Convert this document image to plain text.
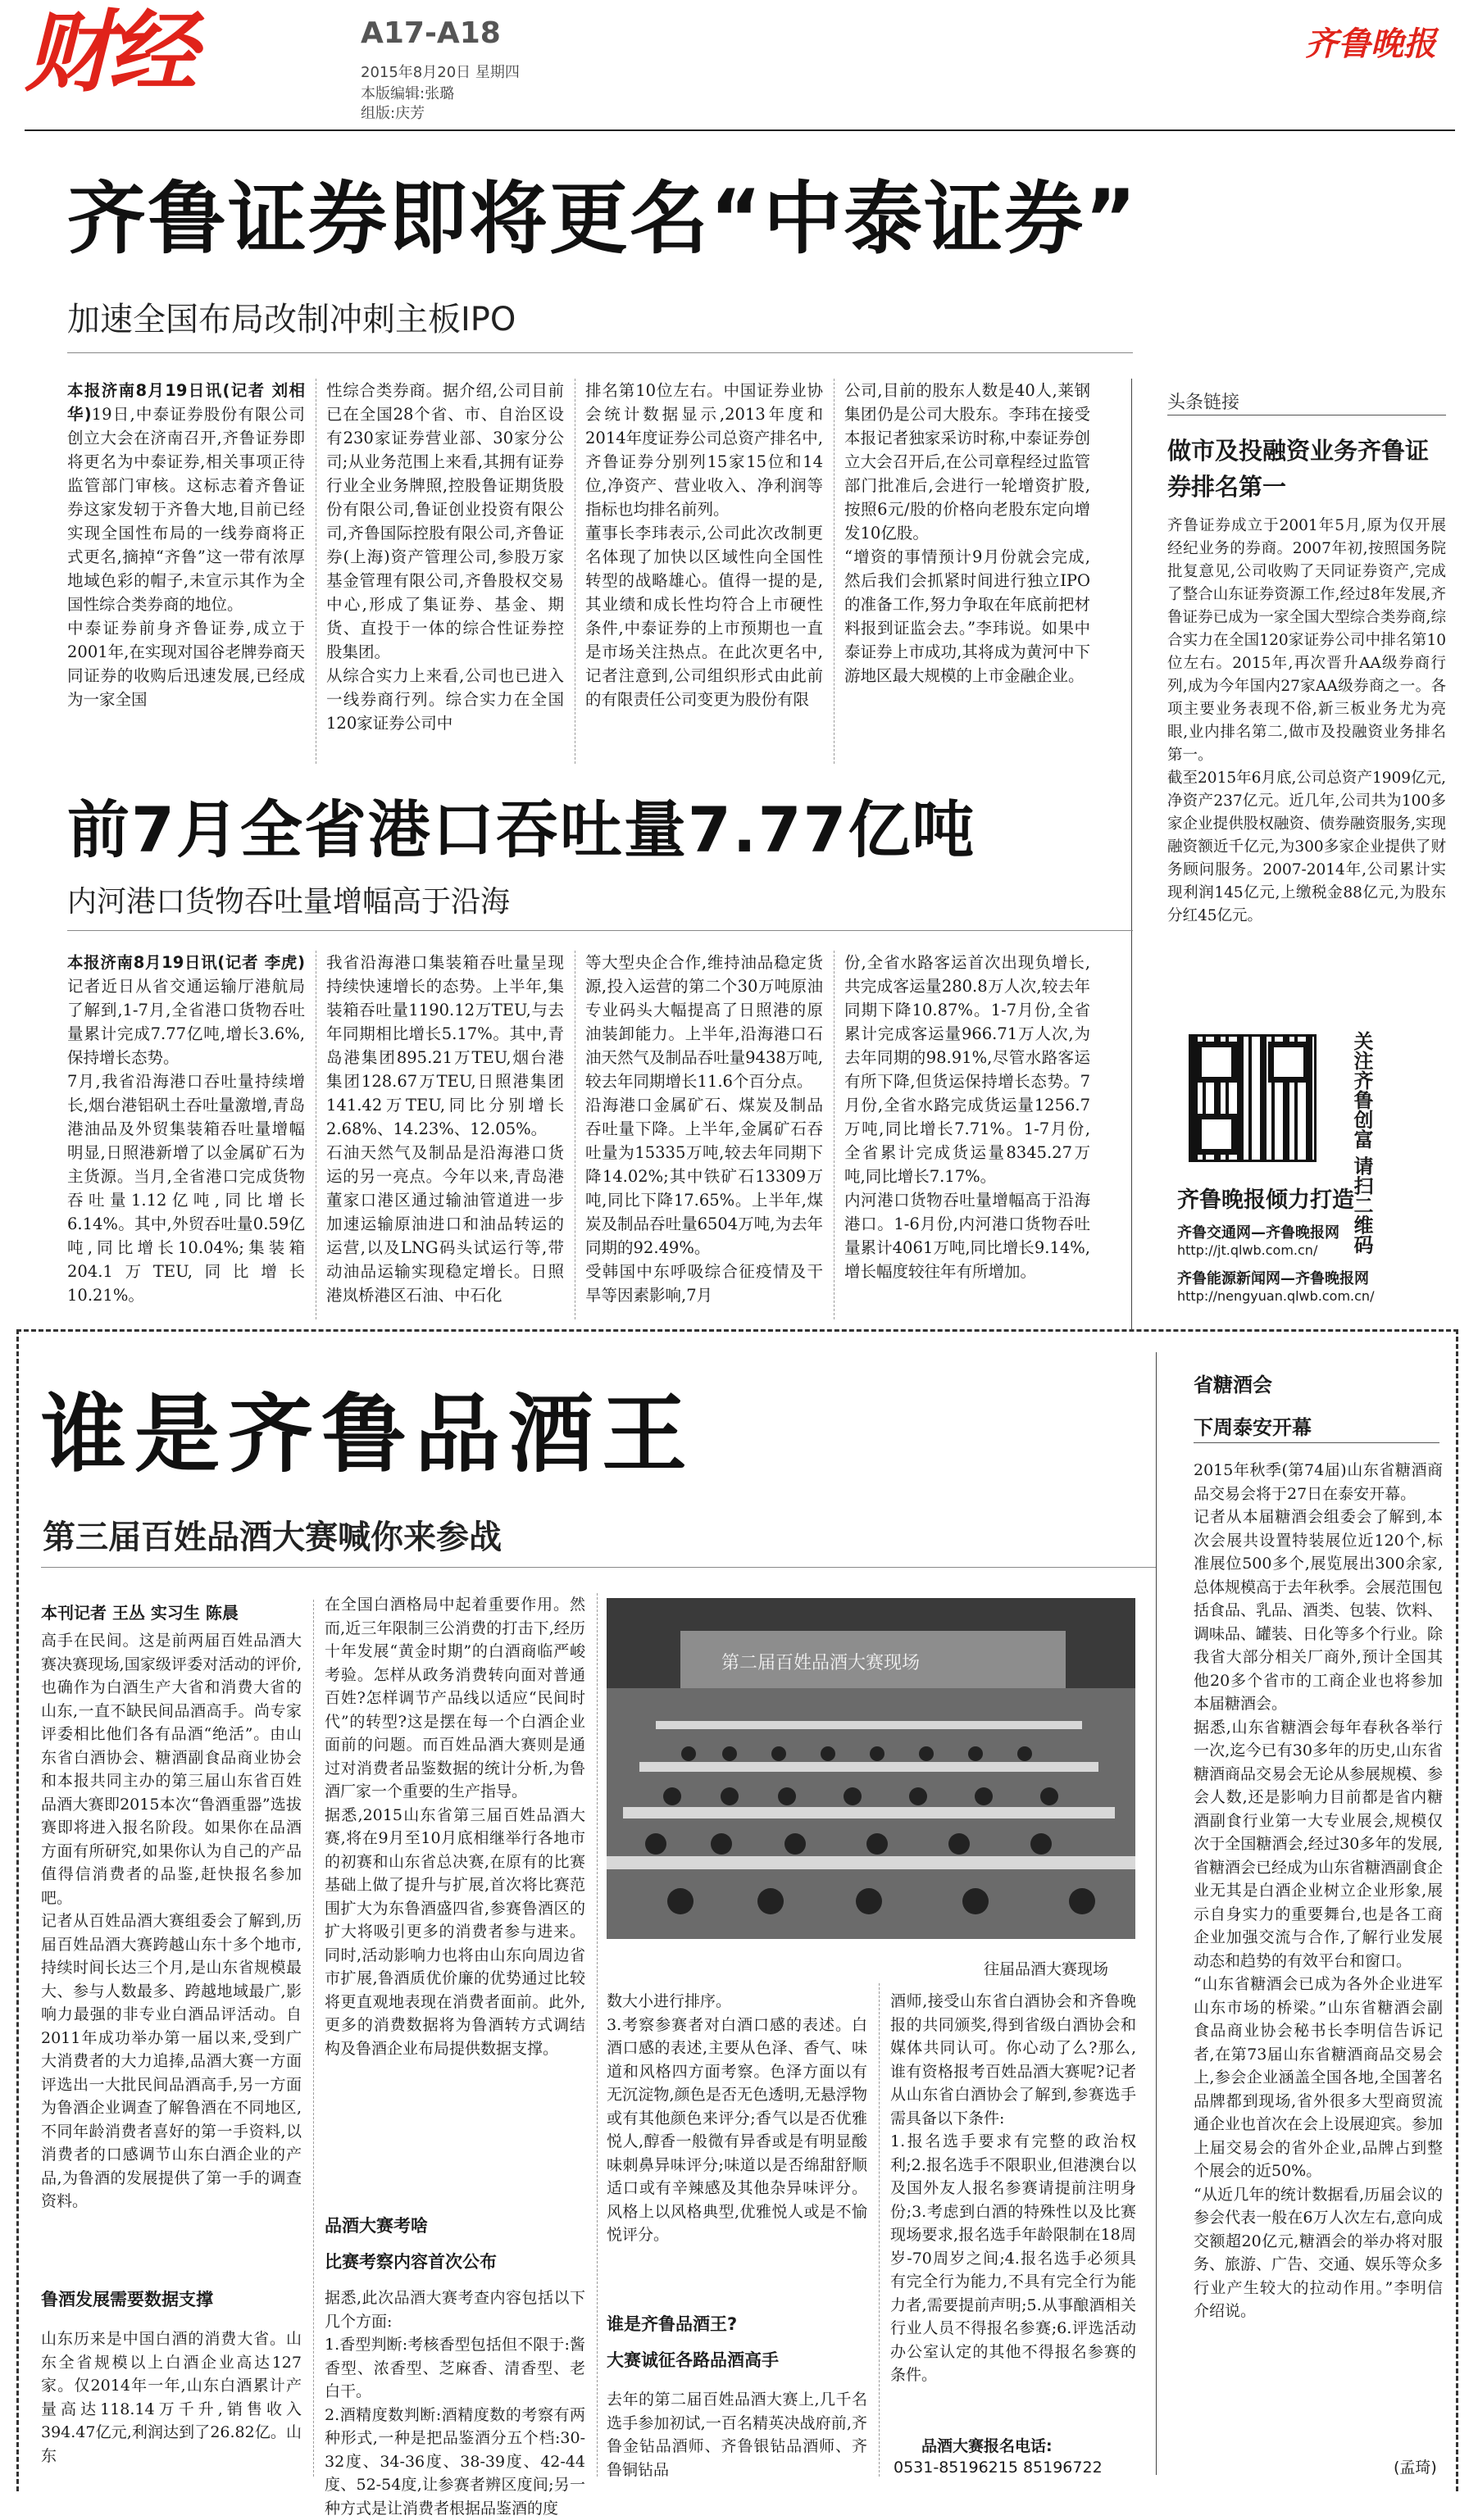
财经	A17-A18
2015年8月20日 星期四
本版编辑:张璐
组版:庆芳
齐鲁晚报
齐鲁证券即将更名“中泰证券”
加速全国布局改制冲刺主板IPO
本报济南8月19日讯(记者 刘相华)19日,中泰证券股份有限公司创立大会在济南召开,齐鲁证券即将更名为中泰证券,相关事项正待监管部门审核。这标志着齐鲁证券这家发轫于齐鲁大地,目前已经实现全国性布局的一线券商将正式更名,摘掉“齐鲁”这一带有浓厚地域色彩的帽子,未宣示其作为全国性综合类券商的地位。
中泰证券前身齐鲁证券,成立于2001年,在实现对国谷老牌券商天同证券的收购后迅速发展,已经成为一家全国
性综合类券商。据介绍,公司目前已在全国28个省、市、自治区设有230家证券营业部、30家分公司;从业务范围上来看,其拥有证券行业全业务牌照,控股鲁证期货股份有限公司,鲁证创业投资有限公司,齐鲁国际控股有限公司,齐鲁证券(上海)资产管理公司,参股万家基金管理有限公司,齐鲁股权交易中心,形成了集证券、基金、期货、直投于一体的综合性证券控股集团。
从综合实力上来看,公司也已进入一线券商行列。综合实力在全国120家证券公司中
排名第10位左右。中国证券业协会统计数据显示,2013年度和2014年度证券公司总资产排名中,齐鲁证券分别列15家15位和14位,净资产、营业收入、净利润等指标也均排名前列。
董事长李玮表示,公司此次改制更名体现了加快以区域性向全国性转型的战略雄心。值得一提的是,其业绩和成长性均符合上市硬性条件,中泰证券的上市预期也一直是市场关注热点。在此次更名中,记者注意到,公司组织形式由此前的有限责任公司变更为股份有限
公司,目前的股东人数是40人,莱钢集团仍是公司大股东。李玮在接受本报记者独家采访时称,中泰证券创立大会召开后,在公司章程经过监管部门批准后,会进行一轮增资扩股,按照6元/股的价格向老股东定向增发10亿股。
“增资的事情预计9月份就会完成,然后我们会抓紧时间进行独立IPO的准备工作,努力争取在年底前把材料报到证监会去。”李玮说。如果中泰证券上市成功,其将成为黄河中下游地区最大规模的上市金融企业。
头条链接
做市及投融资业务齐鲁证券排名第一
齐鲁证券成立于2001年5月,原为仅开展经纪业务的券商。2007年初,按照国务院批复意见,公司收购了天同证券资产,完成了整合山东证券资源工作,经过8年发展,齐鲁证券已成为一家全国大型综合类券商,综合实力在全国120家证券公司中排名第10位左右。2015年,再次晋升AA级券商行列,成为今年国内27家AA级券商之一。各项主要业务表现不俗,新三板业务尤为亮眼,业内排名第二,做市及投融资业务排名第一。
截至2015年6月底,公司总资产1909亿元,净资产237亿元。近几年,公司共为100多家企业提供股权融资、债券融资服务,实现融资额近千亿元,为300多家企业提供了财务顾问服务。2007-2014年,公司累计实现利润145亿元,上缴税金88亿元,为股东分红45亿元。
关注齐鲁创富 请扫二维码
齐鲁晚报倾力打造
齐鲁交通网—齐鲁晚报网
http://jt.qlwb.com.cn/
齐鲁能源新闻网—齐鲁晚报网
http://nengyuan.qlwb.com.cn/
前7月全省港口吞吐量7.77亿吨
内河港口货物吞吐量增幅高于沿海
本报济南8月19日讯(记者 李虎)记者近日从省交通运输厅港航局了解到,1-7月,全省港口货物吞吐量累计完成7.77亿吨,增长3.6%,保持增长态势。
7月,我省沿海港口吞吐量持续增长,烟台港铝矾土吞吐量激增,青岛港油品及外贸集装箱吞吐量增幅明显,日照港新增了以金属矿石为主货源。当月,全省港口完成货物吞吐量1.12亿吨,同比增长6.14%。其中,外贸吞吐量0.59亿吨,同比增长10.04%;集装箱204.1万TEU,同比增长10.21%。
我省沿海港口集装箱吞吐量呈现持续快速增长的态势。上半年,集装箱吞吐量1190.12万TEU,与去年同期相比增长5.17%。其中,青岛港集团895.21万TEU,烟台港集团128.67万TEU,日照港集团141.42万TEU,同比分别增长2.68%、14.23%、12.05%。
石油天然气及制品是沿海港口货运的另一亮点。今年以来,青岛港董家口港区通过输油管道进一步加速运输原油进口和油品转运的运营,以及LNG码头试运行等,带动油品运输实现稳定增长。日照港岚桥港区石油、中石化
等大型央企合作,维持油品稳定货源,投入运营的第二个30万吨原油专业码头大幅提高了日照港的原油装卸能力。上半年,沿海港口石油天然气及制品吞吐量9438万吨,较去年同期增长11.6个百分点。
沿海港口金属矿石、煤炭及制品吞吐量下降。上半年,金属矿石吞吐量为15335万吨,较去年同期下降14.02%;其中铁矿石13309万吨,同比下降17.65%。上半年,煤炭及制品吞吐量6504万吨,为去年同期的92.49%。
受韩国中东呼吸综合征疫情及干旱等因素影响,7月
份,全省水路客运首次出现负增长,共完成客运量280.8万人次,较去年同期下降10.87%。1-7月份,全省累计完成客运量966.71万人次,为去年同期的98.91%,尽管水路客运有所下降,但货运保持增长态势。7月份,全省水路完成货运量1256.7万吨,同比增长7.71%。1-7月份,全省累计完成货运量8345.27万吨,同比增长7.17%。
内河港口货物吞吐量增幅高于沿海港口。1-6月份,内河港口货物吞吐量累计4061万吨,同比增长9.14%,增长幅度较往年有所增加。
谁是齐鲁品酒王
第三届百姓品酒大赛喊你来参战
本刊记者 王丛 实习生 陈晨
高手在民间。这是前两届百姓品酒大赛决赛现场,国家级评委对活动的评价,也确作为白酒生产大省和消费大省的山东,一直不缺民间品酒高手。尚专家评委相比他们各有品酒“绝活”。由山东省白酒协会、糖酒副食品商业协会和本报共同主办的第三届山东省百姓品酒大赛即2015本次“鲁酒重器”选拔赛即将进入报名阶段。如果你在品酒方面有所研究,如果你认为自己的产品值得信消费者的品鉴,赶快报名参加吧。
记者从百姓品酒大赛组委会了解到,历届百姓品酒大赛跨越山东十多个地市,持续时间长达三个月,是山东省规模最大、参与人数最多、跨越地域最广,影响力最强的非专业白酒品评活动。自2011年成功举办第一届以来,受到广大消费者的大力追捧,品酒大赛一方面评选出一大批民间品酒高手,另一方面为鲁酒企业调查了解鲁酒在不同地区,不同年龄消费者喜好的第一手资料,以消费者的口感调节山东白酒企业的产品,为鲁酒的发展提供了第一手的调查资料。
鲁酒发展需要数据支撑
山东历来是中国白酒的消费大省。山东全省规模以上白酒企业高达127家。仅2014年一年,山东白酒累计产量高达118.14万千升,销售收入394.47亿元,利润达到了26.82亿。山东
在全国白酒格局中起着重要作用。然而,近三年限制三公消费的打击下,经历十年发展“黄金时期”的白酒商临严峻考验。怎样从政务消费转向面对普通百姓?怎样调节产品线以适应“民间时代”的转型?这是摆在每一个白酒企业面前的问题。而百姓品酒大赛则是通过对消费者品鉴数据的统计分析,为鲁酒厂家一个重要的生产指导。
据悉,2015山东省第三届百姓品酒大赛,将在9月至10月底相继举行各地市的初赛和山东省总决赛,在原有的比赛基础上做了提升与扩展,首次将比赛范围扩大为东鲁酒盛四省,参赛鲁酒区的扩大将吸引更多的消费者参与进来。同时,活动影响力也将由山东向周边省市扩展,鲁酒质优价廉的优势通过比较将更直观地表现在消费者面前。此外,更多的消费数据将为鲁酒转方式调结构及鲁酒企业布局提供数据支撑。
品酒大赛考啥
比赛考察内容首次公布
据悉,此次品酒大赛考查内容包括以下几个方面:
1.香型判断:考核香型包括但不限于:酱香型、浓香型、芝麻香、清香型、老白干。
2.酒精度数判断:酒精度数的考察有两种形式,一种是把品鉴酒分五个档:30-32度、34-36度、38-39度、42-44度、52-54度,让参赛者辨区度间;另一种方式是让消费者根据品鉴酒的度
第二届百姓品酒大赛现场
往届品酒大赛现场
数大小进行排序。
3.考察参赛者对白酒口感的表述。白酒口感的表述,主要从色泽、香气、味道和风格四方面考察。色泽方面以有无沉淀物,颜色是否无色透明,无悬浮物或有其他颜色来评分;香气以是否优雅悦人,醇香一般微有异香或是有明显酸味刺鼻异味评分;味道以是否绵甜舒顺适口或有辛辣感及其他杂异味评分。风格上以风格典型,优雅悦人或是不愉悦评分。
谁是齐鲁品酒王?
大赛诚征各路品酒高手
去年的第二届百姓品酒大赛上,几千名选手参加初试,一百名精英决战府前,齐鲁金钻品酒师、齐鲁银钻品酒师、齐鲁铜钻品
酒师,接受山东省白酒协会和齐鲁晚报的共同颁奖,得到省级白酒协会和媒体共同认可。你心动了么?那么,谁有资格报考百姓品酒大赛呢?记者从山东省白酒协会了解到,参赛选手需具备以下条件:
1.报名选手要求有完整的政治权利;2.报名选手不限职业,但港澳台以及国外友人报名参赛请提前注明身份;3.考虑到白酒的特殊性以及比赛现场要求,报名选手年龄限制在18周岁-70周岁之间;4.报名选手必须具有完全行为能力,不具有完全行为能力者,需要提前声明;5.从事酿酒相关行业人员不得报名参赛;6.评选活动办公室认定的其他不得报名参赛的条件。
品酒大赛报名电话:
0531-85196215 85196722
省糖酒会
下周泰安开幕
2015年秋季(第74届)山东省糖酒商品交易会将于27日在泰安开幕。
记者从本届糖酒会组委会了解到,本次会展共设置特装展位近120个,标准展位500多个,展览展出300余家,总体规模高于去年秋季。会展范围包括食品、乳品、酒类、包装、饮料、调味品、罐装、日化等多个行业。除我省大部分相关厂商外,预计全国其他20多个省市的工商企业也将参加本届糖酒会。
据悉,山东省糖酒会每年春秋各举行一次,迄今已有30多年的历史,山东省糖酒商品交易会无论从参展规模、参会人数,还是影响力目前都是省内糖酒副食行业第一大专业展会,规模仅次于全国糖酒会,经过30多年的发展,省糖酒会已经成为山东省糖酒副食企业无其是白酒企业树立企业形象,展示自身实力的重要舞台,也是各工商企业加强交流与合作,了解行业发展动态和趋势的有效平台和窗口。
“山东省糖酒会已成为各外企业进军山东市场的桥梁。”山东省糖酒会副食品商业协会秘书长李明信告诉记者,在第73届山东省糖酒商品交易会上,参会企业涵盖全国各地,全国著名品牌都到现场,省外很多大型商贸流通企业也首次在会上设展迎宾。参加上届交易会的省外企业,品牌占到整个展会的近50%。
“从近几年的统计数据看,历届会议的参会代表一般在6万人次左右,意向成交额超20亿元,糖酒会的举办将对服务、旅游、广告、交通、娱乐等众多行业产生较大的拉动作用。”李明信介绍说。
(孟琦)
